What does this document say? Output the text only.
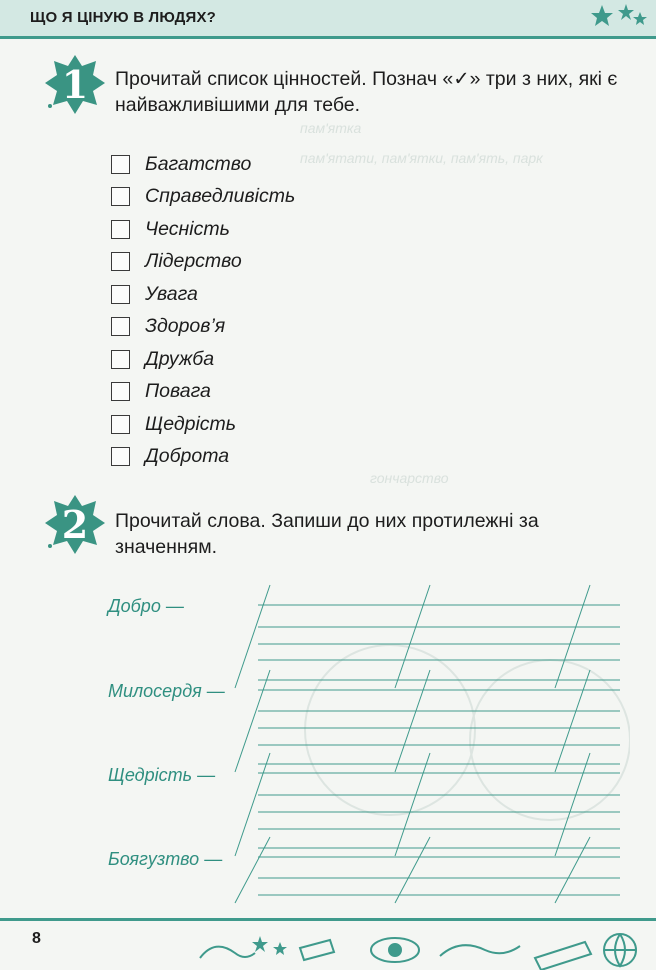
пам'ятка
пам'ятати, пам'ятки, пам'ять, парк
гончарство
ЩО Я ЦІНУЮ В ЛЮДЯХ?
1	Прочитай список цінностей. Познач «✓» три з них, які є найважливішими для тебе.
Багатство
Справедливість
Чесність
Лідерство
Увага
Здоров’я
Дружба
Повага
Щедрість
Доброта
2	Прочитай слова. Запиши до них протилежні за значенням.
Добро —
Милосердя —
Щедрість —
Боягузтво —
8
